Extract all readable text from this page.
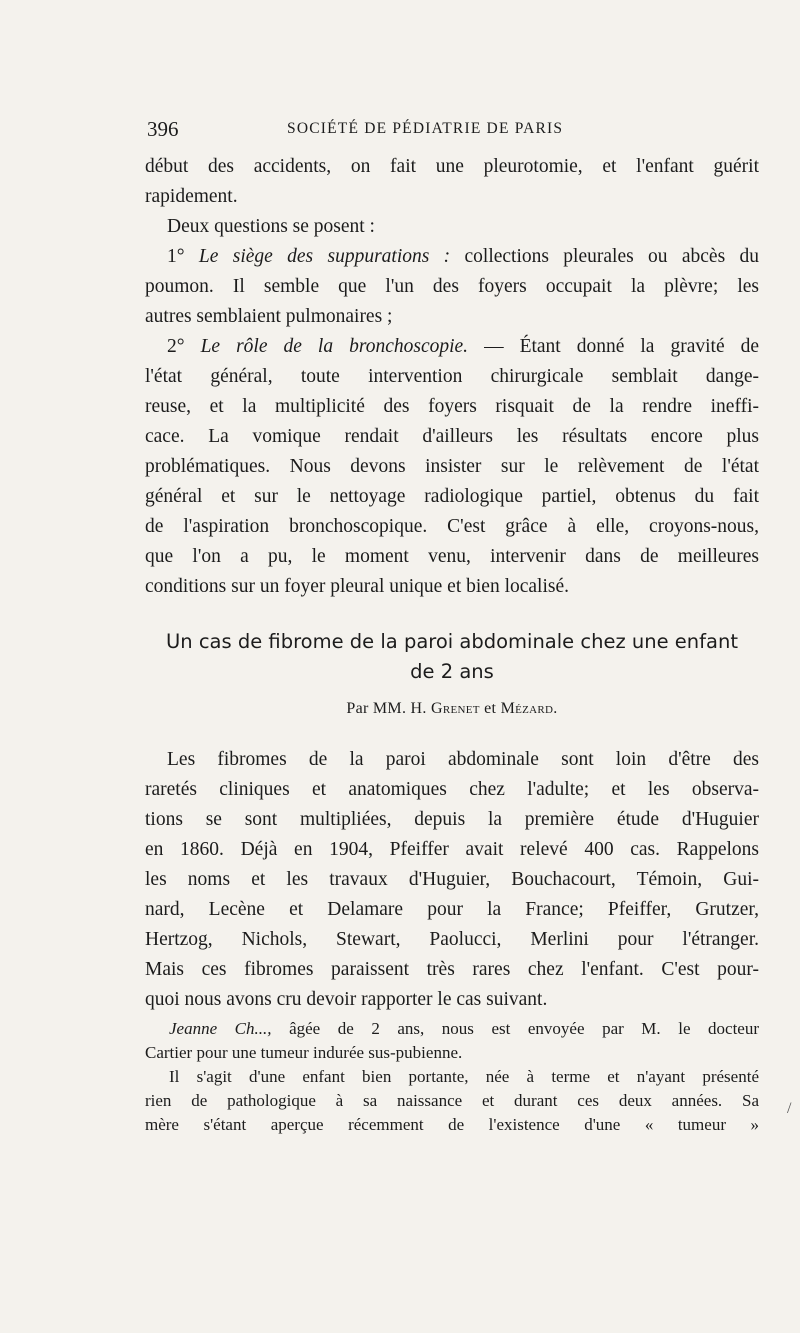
396	SOCIÉTÉ DE PÉDIATRIE DE PARIS
début des accidents, on fait une pleurotomie, et l'enfant guérit
rapidement.
Deux questions se posent :
1° Le siège des suppurations : collections pleurales ou abcès du
poumon. Il semble que l'un des foyers occupait la plèvre; les
autres semblaient pulmonaires ;
2° Le rôle de la bronchoscopie. — Étant donné la gravité de
l'état général, toute intervention chirurgicale semblait dange-
reuse, et la multiplicité des foyers risquait de la rendre ineffi-
cace. La vomique rendait d'ailleurs les résultats encore plus
problématiques. Nous devons insister sur le relèvement de l'état
général et sur le nettoyage radiologique partiel, obtenus du fait
de l'aspiration bronchoscopique. C'est grâce à elle, croyons-nous,
que l'on a pu, le moment venu, intervenir dans de meilleures
conditions sur un foyer pleural unique et bien localisé.
Un cas de fibrome de la paroi abdominale chez une enfant
de 2 ans
Par MM. H. Grenet et Mézard.
Les fibromes de la paroi abdominale sont loin d'être des
raretés cliniques et anatomiques chez l'adulte; et les observa-
tions se sont multipliées, depuis la première étude d'Huguier
en 1860. Déjà en 1904, Pfeiffer avait relevé 400 cas. Rappelons
les noms et les travaux d'Huguier, Bouchacourt, Témoin, Gui-
nard, Lecène et Delamare pour la France; Pfeiffer, Grutzer,
Hertzog, Nichols, Stewart, Paolucci, Merlini pour l'étranger.
Mais ces fibromes paraissent très rares chez l'enfant. C'est pour-
quoi nous avons cru devoir rapporter le cas suivant.
Jeanne Ch..., âgée de 2 ans, nous est envoyée par M. le docteur
Cartier pour une tumeur indurée sus-pubienne.
Il s'agit d'une enfant bien portante, née à terme et n'ayant présenté
rien de pathologique à sa naissance et durant ces deux années. Sa
mère s'étant aperçue récemment de l'existence d'une « tumeur »
/
